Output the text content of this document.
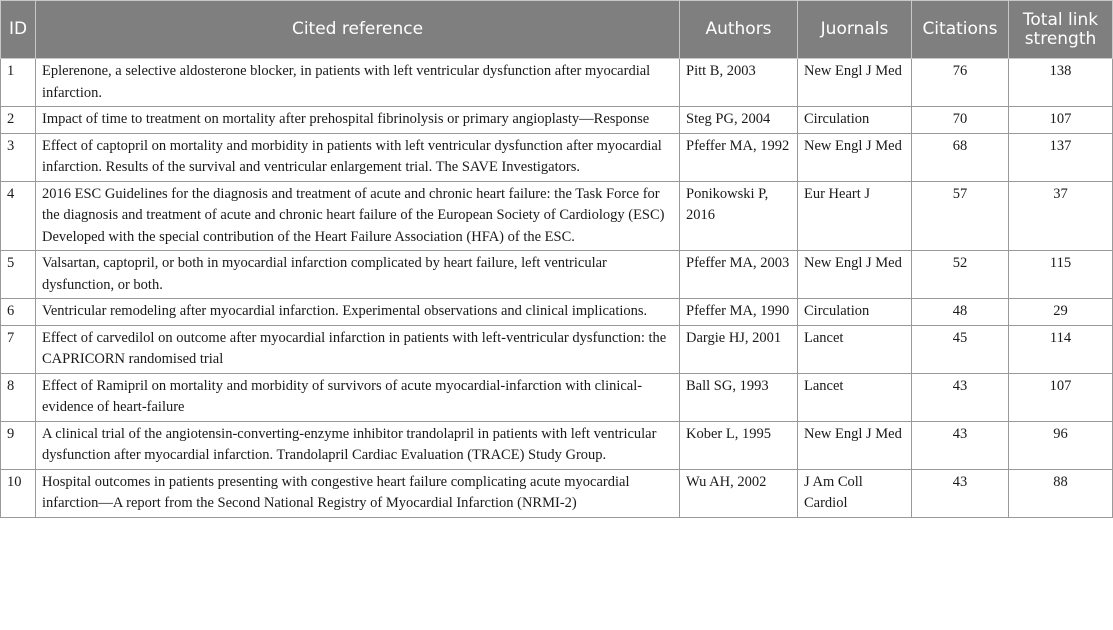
ID	Cited reference	Authors	Juornals	Citations	Total link strength
1	Eplerenone, a selective aldosterone blocker, in patients with left ventricular dysfunction after myocardial infarction.	Pitt B, 2003	New Engl J Med	76	138
2	Impact of time to treatment on mortality after prehospital fibrinolysis or primary angioplasty—Response	Steg PG, 2004	Circulation	70	107
3	Effect of captopril on mortality and morbidity in patients with left ventricular dysfunction after myocardial infarction. Results of the survival and ventricular enlargement trial. The SAVE Investigators.	Pfeffer MA, 1992	New Engl J Med	68	137
4	2016 ESC Guidelines for the diagnosis and treatment of acute and chronic heart failure: the Task Force for the diagnosis and treatment of acute and chronic heart failure of the European Society of Cardiology (ESC) Developed with the special contribution of the Heart Failure Association (HFA) of the ESC.	Ponikowski P, 2016	Eur Heart J	57	37
5	Valsartan, captopril, or both in myocardial infarction complicated by heart failure, left ventricular dysfunction, or both.	Pfeffer MA, 2003	New Engl J Med	52	115
6	Ventricular remodeling after myocardial infarction. Experimental observations and clinical implications.	Pfeffer MA, 1990	Circulation	48	29
7	Effect of carvedilol on outcome after myocardial infarction in patients with left-ventricular dysfunction: the CAPRICORN randomised trial	Dargie HJ, 2001	Lancet	45	114
8	Effect of Ramipril on mortality and morbidity of survivors of acute myocardial-infarction with clinical-evidence of heart-failure	Ball SG, 1993	Lancet	43	107
9	A clinical trial of the angiotensin-converting-enzyme inhibitor trandolapril in patients with left ventricular dysfunction after myocardial infarction. Trandolapril Cardiac Evaluation (TRACE) Study Group.	Kober L, 1995	New Engl J Med	43	96
10	Hospital outcomes in patients presenting with congestive heart failure complicating acute myocardial infarction—A report from the Second National Registry of Myocardial Infarction (NRMI-2)	Wu AH, 2002	J Am Coll Cardiol	43	88
